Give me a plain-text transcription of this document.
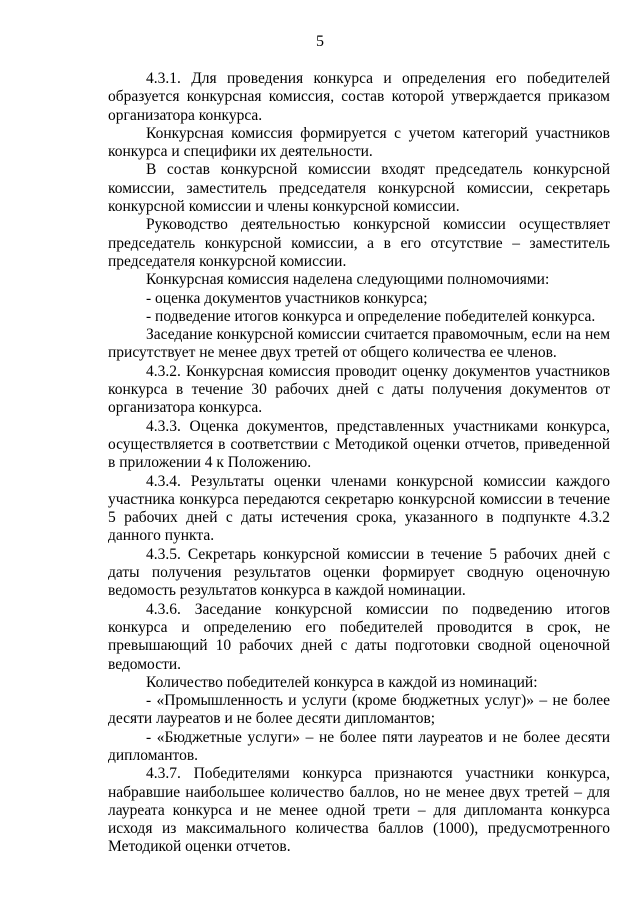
5

4.3.1. Для проведения конкурса и определения его победителей образуется конкурсная комиссия, состав которой утверждается приказом организатора конкурса.

Конкурсная комиссия формируется с учетом категорий участников конкурса и специфики их деятельности.

В состав конкурсной комиссии входят председатель конкурсной комиссии, заместитель председателя конкурсной комиссии, секретарь конкурсной комиссии и члены конкурсной комиссии.

Руководство деятельностью конкурсной комиссии осуществляет председатель конкурсной комиссии, а в его отсутствие – заместитель председателя конкурсной комиссии.

Конкурсная комиссия наделена следующими полномочиями:

- оценка документов участников конкурса;

- подведение итогов конкурса и определение победителей конкурса.

Заседание конкурсной комиссии считается правомочным, если на нем присутствует не менее двух третей от общего количества ее членов.

4.3.2. Конкурсная комиссия проводит оценку документов участников конкурса в течение 30 рабочих дней с даты получения документов от организатора конкурса.

4.3.3. Оценка документов, представленных участниками конкурса, осуществляется в соответствии с Методикой оценки отчетов, приведенной в приложении 4 к Положению.

4.3.4. Результаты оценки членами конкурсной комиссии каждого участника конкурса передаются секретарю конкурсной комиссии в течение 5 рабочих дней с даты истечения срока, указанного в подпункте 4.3.2 данного пункта.

4.3.5. Секретарь конкурсной комиссии в течение 5 рабочих дней с даты получения результатов оценки формирует сводную оценочную ведомость результатов конкурса в каждой номинации.

4.3.6. Заседание конкурсной комиссии по подведению итогов конкурса и определению его победителей проводится в срок, не превышающий 10 рабочих дней с даты подготовки сводной оценочной ведомости.

Количество победителей конкурса в каждой из номинаций:

- «Промышленность и услуги (кроме бюджетных услуг)» – не более десяти лауреатов и не более десяти дипломантов;

- «Бюджетные услуги» – не более пяти лауреатов и не более десяти дипломантов.

4.3.7. Победителями конкурса признаются участники конкурса, набравшие наибольшее количество баллов, но не менее двух третей – для лауреата конкурса и не менее одной трети – для дипломанта конкурса исходя из максимального количества баллов (1000), предусмотренного Методикой оценки отчетов.
